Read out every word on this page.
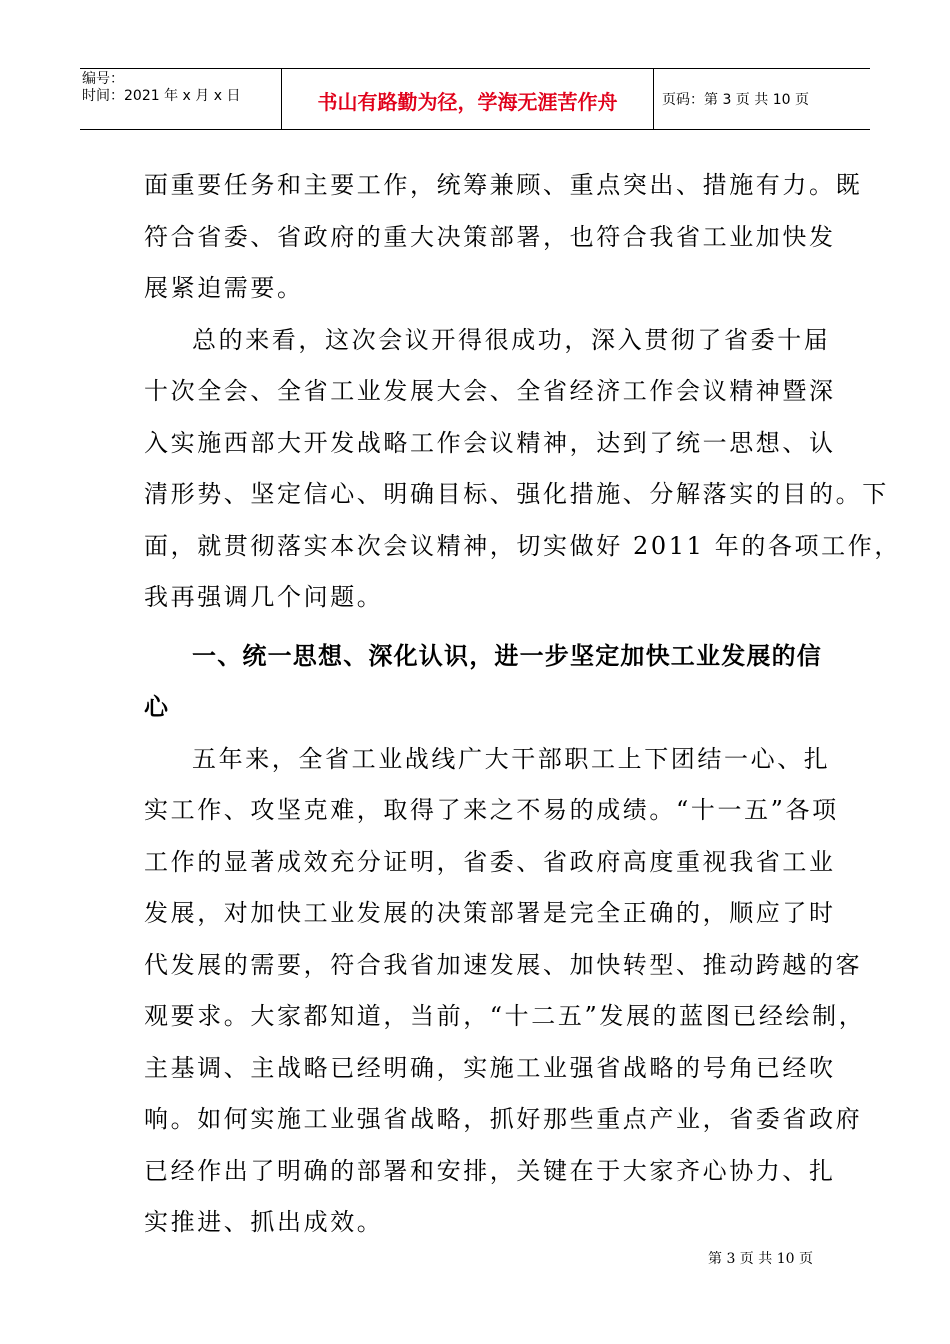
编号：
时间：2021 年 x 月 x 日	书山有路勤为径，学海无涯苦作舟	页码：第 3 页 共 10 页
面重要任务和主要工作，统筹兼顾、重点突出、措施有力。既
符合省委、省政府的重大决策部署，也符合我省工业加快发
展紧迫需要。
总的来看，这次会议开得很成功，深入贯彻了省委十届
十次全会、全省工业发展大会、全省经济工作会议精神暨深
入实施西部大开发战略工作会议精神，达到了统一思想、认
清形势、坚定信心、明确目标、强化措施、分解落实的目的。下
面，就贯彻落实本次会议精神，切实做好 2011 年的各项工作，
我再强调几个问题。
一、统一思想、深化认识，进一步坚定加快工业发展的信
心
五年来，全省工业战线广大干部职工上下团结一心、扎
实工作、攻坚克难，取得了来之不易的成绩。“十一五”各项
工作的显著成效充分证明，省委、省政府高度重视我省工业
发展，对加快工业发展的决策部署是完全正确的，顺应了时
代发展的需要，符合我省加速发展、加快转型、推动跨越的客
观要求。大家都知道，当前，“十二五”发展的蓝图已经绘制，
主基调、主战略已经明确，实施工业强省战略的号角已经吹
响。如何实施工业强省战略，抓好那些重点产业，省委省政府
已经作出了明确的部署和安排，关键在于大家齐心协力、扎
实推进、抓出成效。
第 3 页 共 10 页
